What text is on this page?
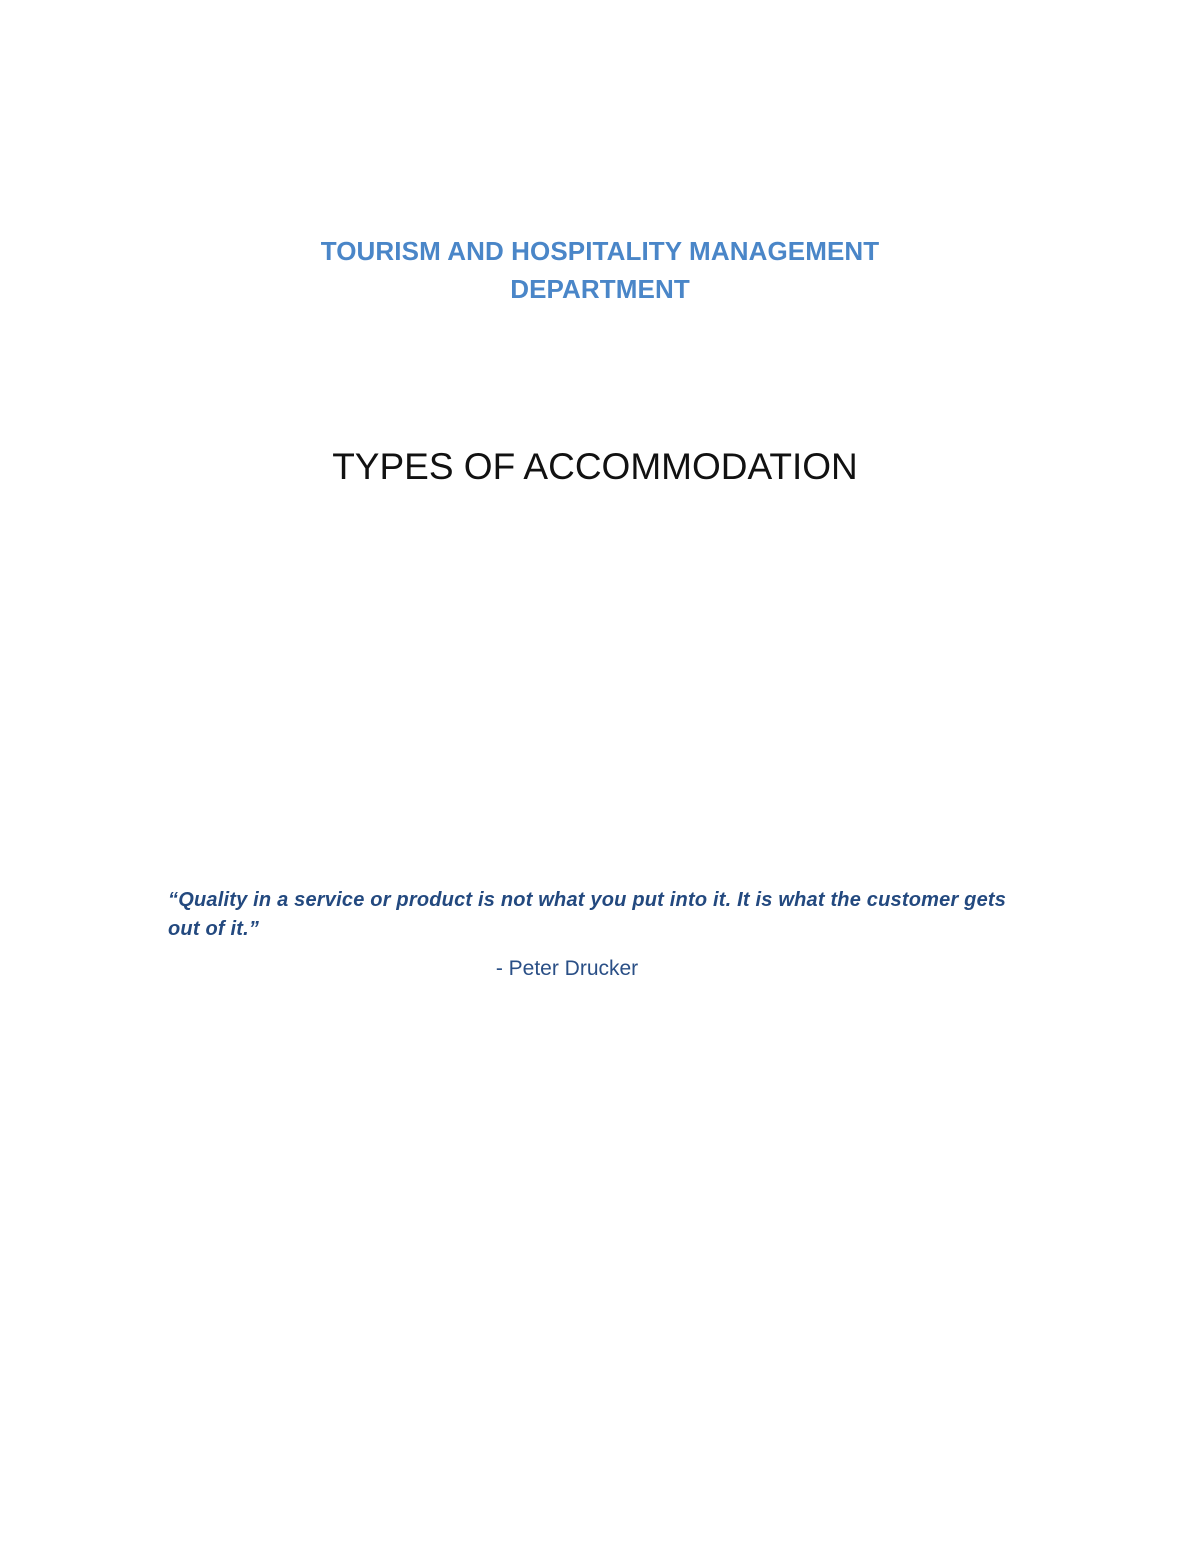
TOURISM AND HOSPITALITY MANAGEMENT
DEPARTMENT
TYPES OF ACCOMMODATION
“Quality in a service or product is not what you put into it. It is what the customer gets out of it.”
- Peter Drucker
